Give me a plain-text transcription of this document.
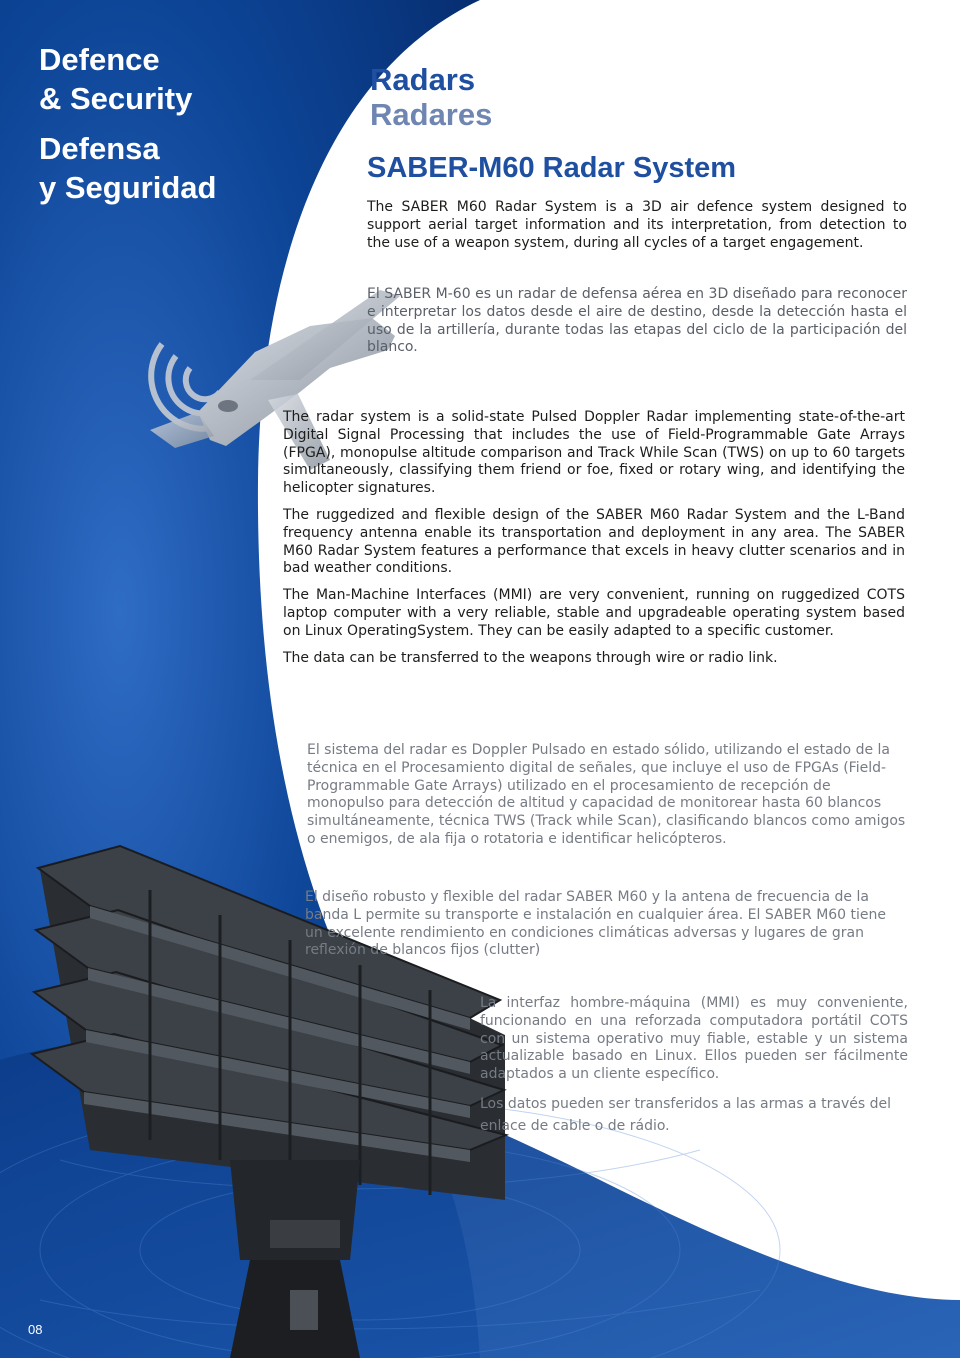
Defence
& Security
Defensa
y Seguridad
Radars
Radares
SABER-M60 Radar System

The SABER M60 Radar System is a 3D air defence system designed to support aerial target information and its interpretation, from detection to the use of a weapon system, during all cycles of a target engagement.

El SABER M-60 es un radar de defensa aérea en 3D diseñado para reconocer e interpretar los datos desde el aire de destino, desde la detección hasta el uso de la artillería, durante todas las etapas del ciclo de la participación del blanco.

The radar system is a solid-state Pulsed Doppler Radar implementing state-of-the-art Digital Signal Processing that includes the use of Field-Programmable Gate Arrays (FPGA), monopulse altitude comparison and Track While Scan (TWS) on up to 60 targets simultaneously, classifying them friend or foe, fixed or rotary wing, and identifying the helicopter signatures.

The ruggedized and flexible design of the SABER M60 Radar System and the L-Band frequency antenna enable its transportation and deployment in any area. The SABER M60 Radar System features a performance that excels in heavy clutter scenarios and in bad weather conditions.

The Man-Machine Interfaces (MMI) are very convenient, running on ruggedized COTS laptop computer with a very reliable, stable and upgradeable operating system based on Linux OperatingSystem. They can be easily adapted to a specific customer.

The data can be transferred to the weapons through wire or radio link.

El sistema del radar es Doppler Pulsado en estado sólido, utilizando el estado de la técnica en el Procesamiento digital de señales, que incluye el uso de FPGAs (Field-Programmable Gate Arrays) utilizado en el procesamiento de recepción de monopulso para detección de altitud y capacidad de monitorear hasta 60 blancos simultáneamente, técnica TWS (Track while Scan), clasificando blancos como amigos o enemigos, de ala fija o rotatoria e identificar helicópteros.

El diseño robusto y flexible del radar SABER M60 y la antena de frecuencia de la banda L permite su transporte e instalación en cualquier área. El SABER M60 tiene un excelente rendimiento en condiciones climáticas adversas y lugares de gran reflexión de blancos fijos (clutter)

La interfaz hombre-máquina (MMI) es muy conveniente, funcionando en una reforzada computadora portátil COTS con un sistema operativo muy fiable, estable y un sistema actualizable basado en Linux. Ellos pueden ser fácilmente adaptados a un cliente específico.

Los datos pueden ser transferidos a las armas a través del enlace de cable o de rádio.

08
